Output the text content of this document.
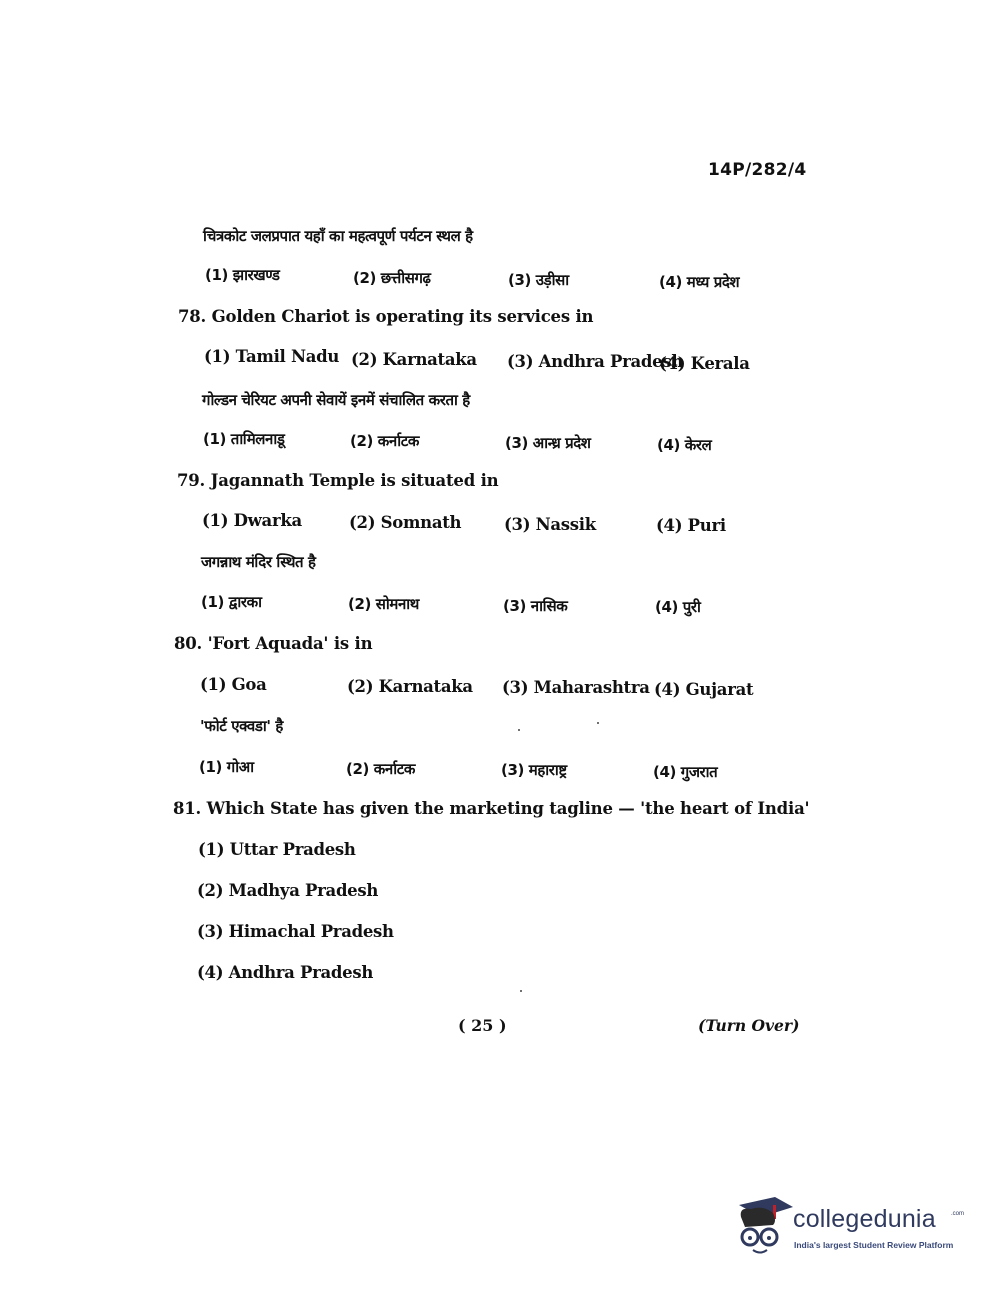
14P/282/4
चित्रकोट जलप्रपात यहाँ का महत्वपूर्ण पर्यटन स्थल है
(1) झारखण्ड	(2) छत्तीसगढ़	(3) उड़ीसा	(4) मध्य प्रदेश
78. Golden Chariot is operating its services in
(1) Tamil Nadu (2) Karnataka (3) Andhra Pradesh
(4) Kerala
गोल्डन चेरियट अपनी सेवायें इनमें संचालित करता है
(1) तामिलनाडू	(2) कर्नाटक	(3) आन्ध्र प्रदेश	(4) केरल
79. Jagannath Temple is situated in
(1) Dwarka	(2) Somnath	(3) Nassik	(4) Puri
जगन्नाथ मंदिर स्थित है
(1) द्वारका	(2) सोमनाथ	(3) नासिक	(4) पुरी
80. 'Fort Aquada' is in
(1) Goa	(2) Karnataka (3) Maharashtra (4) Gujarat
'फोर्ट एक्वडा' है
(1) गोआ	(2) कर्नाटक	(3) महाराष्ट्र	(4) गुजरात
81. Which State has given the marketing tagline — 'the heart of India'
(1) Uttar Pradesh
(2) Madhya Pradesh
(3) Himachal Pradesh
(4) Andhra Pradesh
( 25 )	(Turn Over)
collegedunia	.com
India's largest Student Review Platform
